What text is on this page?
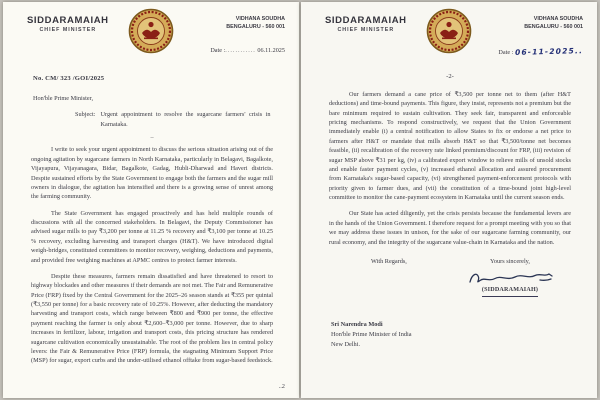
SIDDARAMAIAH
CHIEF MINISTER
VIDHANA SOUDHA
BENGALURU - 560 001
Date :............ 06.11.2025
No. CM/ 323 /GOI/2025
Hon'ble Prime Minister,
Subject: Urgent appointment to resolve the sugarcane farmers' crisis in Karnataka.
–

I write to seek your urgent appointment to discuss the serious situation arising out of the ongoing agitation by sugarcane farmers in North Karnataka, particularly in Belagavi, Bagalkote, Vijayapura, Vijayanagara, Bidar, Bagalkote, Gadag, Hubli-Dharwad and Haveri districts. Despite sustained efforts by the State Government to engage both the farmers and the sugar mill owners in dialogue, the agitation has intensified and there is a growing sense of unrest among the farming community.

The State Government has engaged proactively and has held multiple rounds of discussions with all the concerned stakeholders. In Belagavi, the Deputy Commissioner has advised sugar mills to pay ₹3,200 per tonne at 11.25 % recovery and ₹3,100 per tonne at 10.25 % recovery, excluding harvesting and transport charges (H&T). We have introduced digital weigh-bridges, constituted committees to monitor recovery, weighing, deductions and payments, and provided free weighing machines at APMC centres to protect farmer interests.

Despite these measures, farmers remain dissatisfied and have threatened to resort to highway blockades and other measures if their demands are not met. The Fair and Remunerative Price (FRP) fixed by the Central Government for the 2025–26 season stands at ₹355 per quintal (₹3,550 per tonne) for a basic recovery rate of 10.25%. However, after deducting the mandatory harvesting and transport costs, which range between ₹800 and ₹900 per tonne, the effective payment reaching the farmer is only about ₹2,600–₹3,000 per tonne. However, due to sharp increases in fertilizer, labour, irrigation and transport costs, this pricing structure has rendered sugarcane cultivation economically unsustainable. The root of the problem lies in central policy levers: the Fair & Remunerative Price (FRP) formula, the stagnating Minimum Support Price (MSP) for sugar, export curbs and the under-utilised ethanol offtake from sugar-based feedstock.

..2
SIDDARAMAIAH
CHIEF MINISTER
VIDHANA SOUDHA
BENGALURU - 560 001
Date : 06-11-2025..
-2-

Our farmers demand a cane price of ₹3,500 per tonne net to them (after H&T deductions) and time-bound payments. This figure, they insist, represents not a premium but the bare minimum required to sustain cultivation. They seek fair, transparent and enforceable pricing mechanisms. To respond constructively, we request that the Union Government immediately enable (i) a central notification to allow States to fix or endorse a net price to farmers after H&T or mandate that mills absorb H&T so that ₹3,500/tonne net becomes feasible, (ii) recalibration of the recovery rate linked premium/discount for FRP, (iii) revision of sugar MSP above ₹31 per kg, (iv) a calibrated export window to relieve mills of unsold stocks and enable faster payment cycles, (v) increased ethanol allocation and assured procurement from Karnataka's sugar-based capacity, (vi) strengthened payment-enforcement protocols with priority given to farmer dues, and (vii) the constitution of a time-bound joint high-level committee to monitor the cane-payment ecosystem in Karnataka until the current season ends.

Our State has acted diligently, yet the crisis persists because the fundamental levers are in the hands of the Union Government. I therefore request for a prompt meeting with you so that we may address these issues in unison, for the sake of our sugarcane farming community, our rural economy, and the integrity of the sugarcane value-chain in Karnataka and the nation.

With Regards,	Yours sincerely,
(SIDDARAMAIAH)
Sri Narendra Modi
Hon'ble Prime Minister of India
New Delhi.
